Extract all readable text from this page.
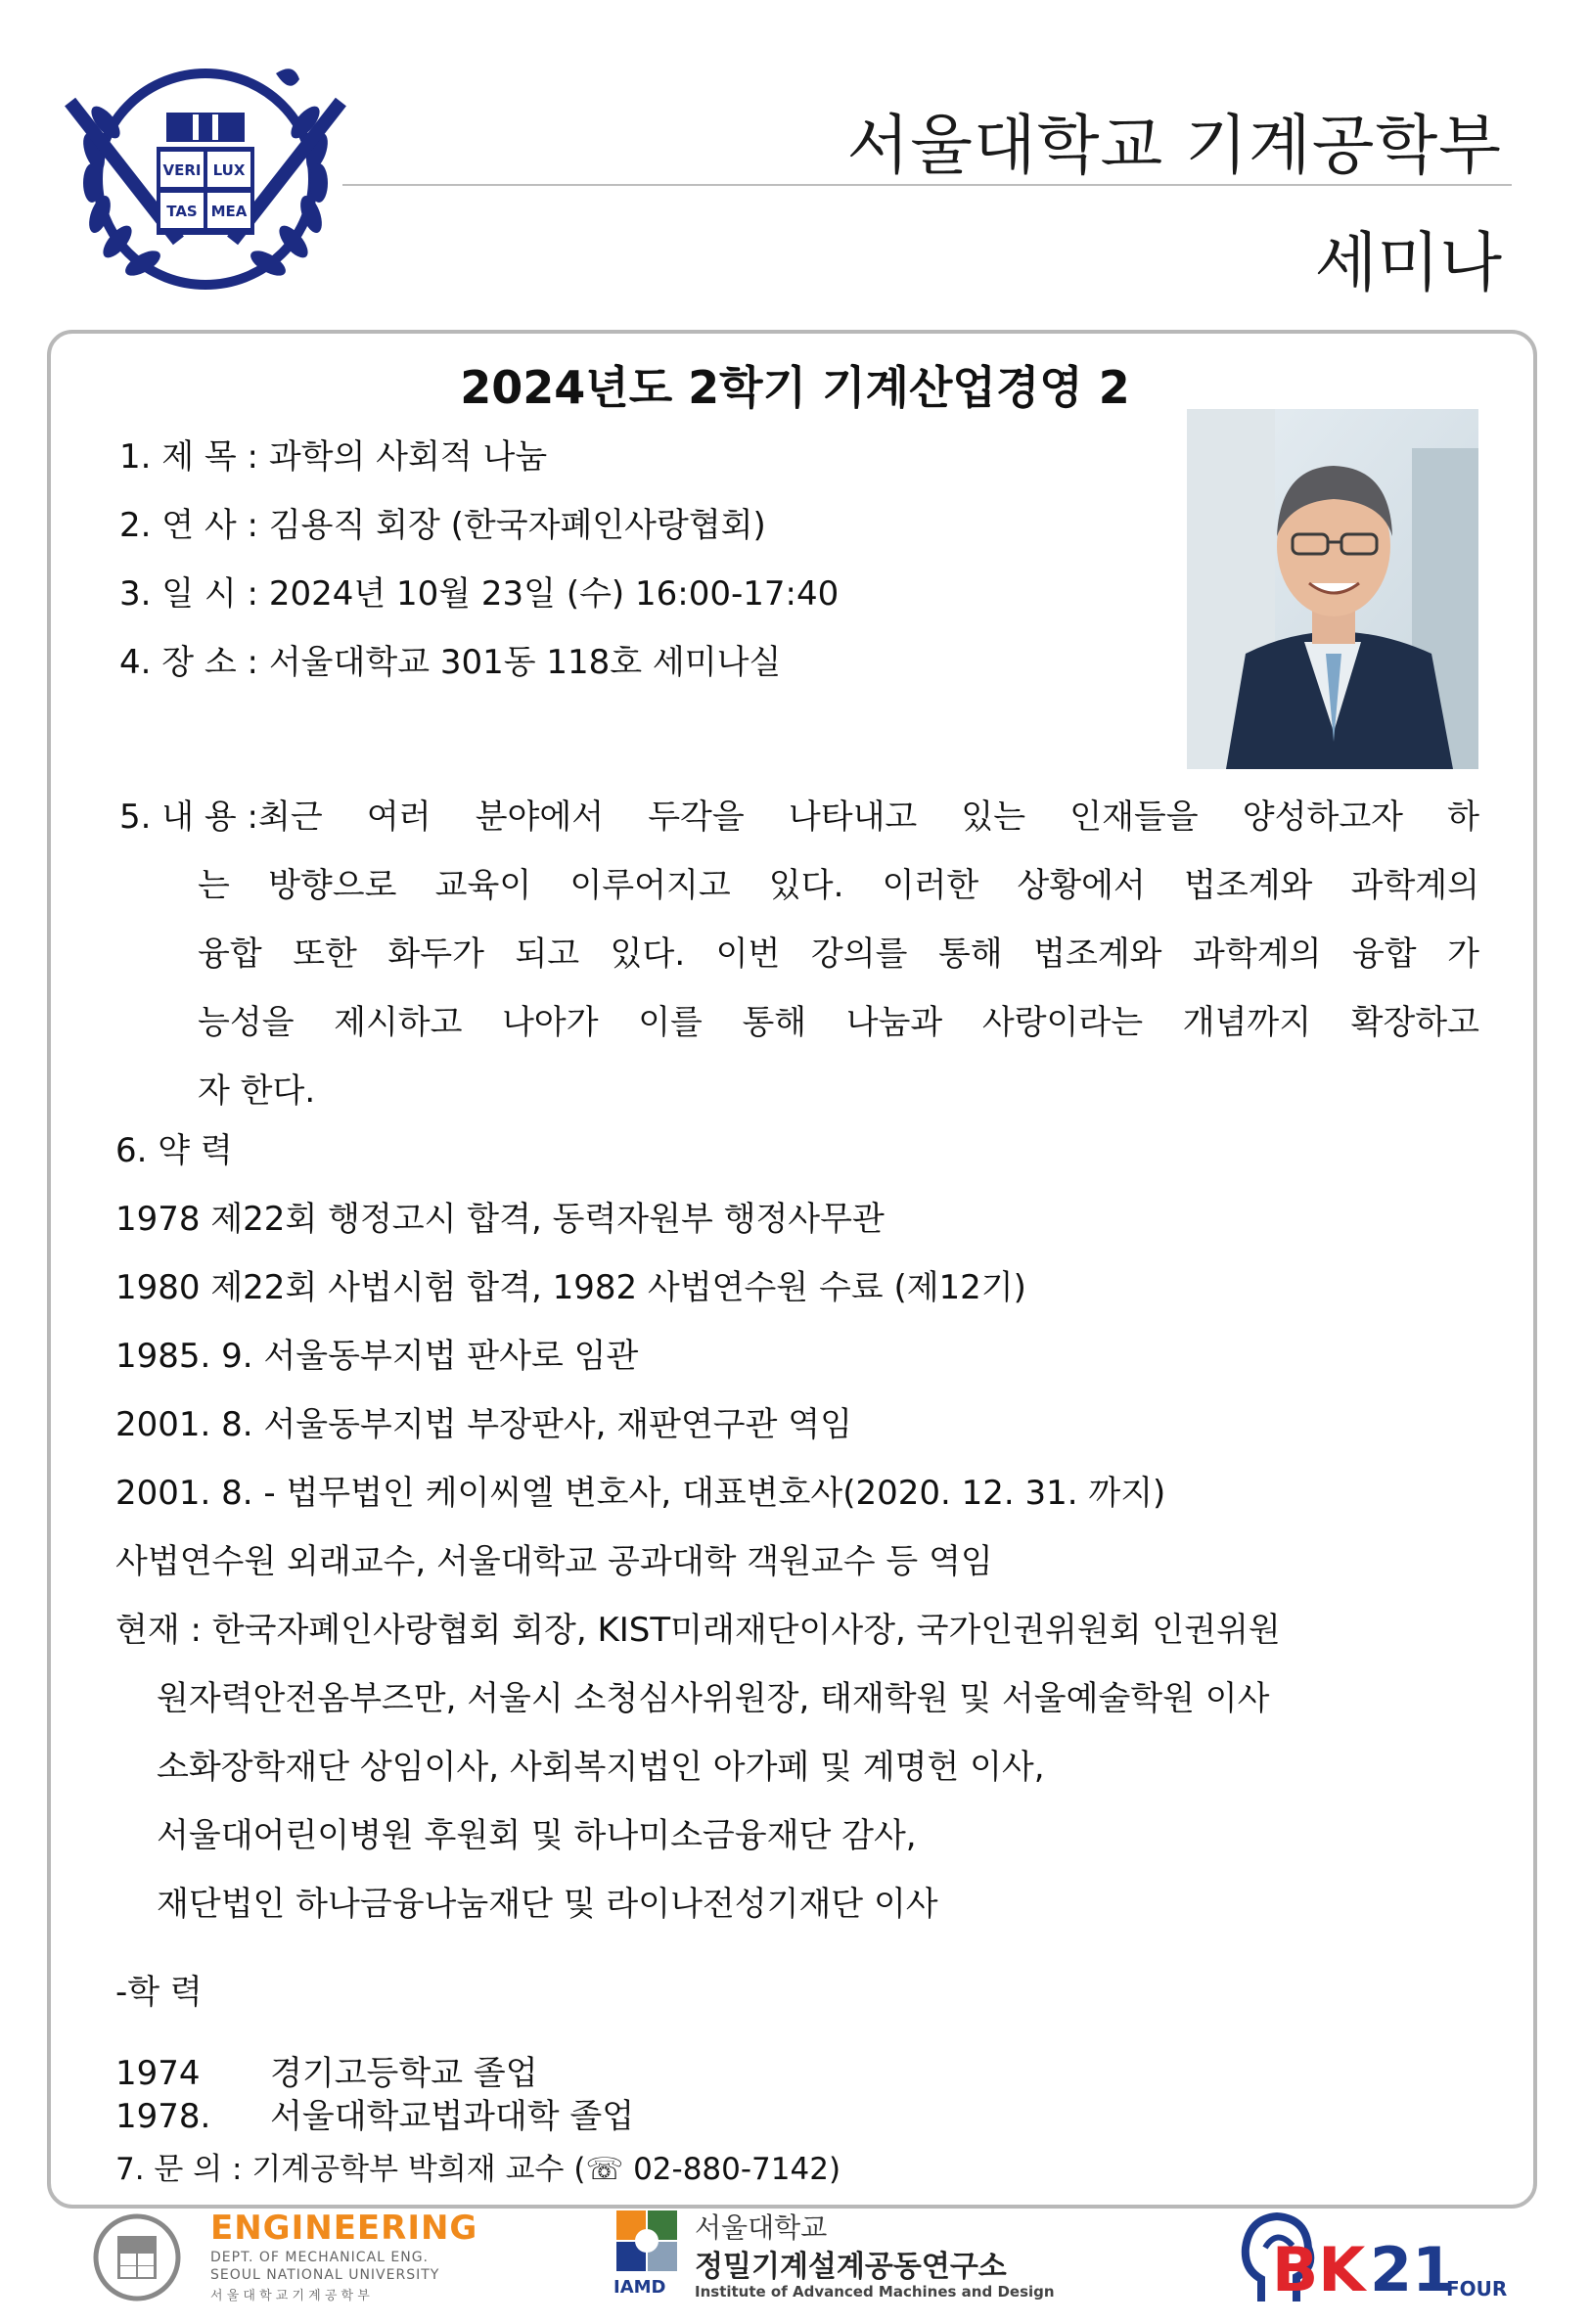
VERI LUX
TAS MEA
서울대학교 기계공학부
세미나
2024년도 2학기 기계산업경영 2
1. 제 목 : 과학의 사회적 나눔
2. 연 사 : 김용직 회장 (한국자폐인사랑협회)
3. 일 시 : 2024년 10월 23일 (수) 16:00-17:40
4. 장 소 : 서울대학교 301동 118호 세미나실
5. 내 용 : 최근 여러 분야에서 두각을 나타내고 있는 인재들을 양성하고자 하
는 방향으로 교육이 이루어지고 있다. 이러한 상황에서 법조계와 과학계의
융합 또한 화두가 되고 있다. 이번 강의를 통해 법조계와 과학계의 융합 가
능성을 제시하고 나아가 이를 통해 나눔과 사랑이라는 개념까지 확장하고
자 한다.
6. 약 력
1978 제22회 행정고시 합격, 동력자원부 행정사무관
1980 제22회 사법시험 합격, 1982 사법연수원 수료 (제12기)
1985. 9. 서울동부지법 판사로 임관
2001. 8. 서울동부지법 부장판사, 재판연구관 역임
2001. 8. - 법무법인 케이씨엘 변호사, 대표변호사(2020. 12. 31. 까지)
사법연수원 외래교수, 서울대학교 공과대학 객원교수 등 역임
현재 : 한국자폐인사랑협회 회장, KIST미래재단이사장, 국가인권위원회 인권위원
원자력안전옴부즈만, 서울시 소청심사위원장, 태재학원 및 서울예술학원 이사
소화장학재단 상임이사, 사회복지법인 아가페 및 계명헌 이사,
서울대어린이병원 후원회 및 하나미소금융재단 감사,
재단법인 하나금융나눔재단 및 라이나전성기재단 이사
-학 력
1974 경기고등학교 졸업
1978. 서울대학교법과대학 졸업
7. 문 의 : 기계공학부 박희재 교수 (☏ 02-880-7142)
ENGINEERING
DEPT. OF MECHANICAL ENG.
SEOUL NATIONAL UNIVERSITY
서 울 대 학 교 기 계 공 학 부	IAMD
서울대학교
정밀기계설계공동연구소
Institute of Advanced Machines and Design	BK 21
FOUR
